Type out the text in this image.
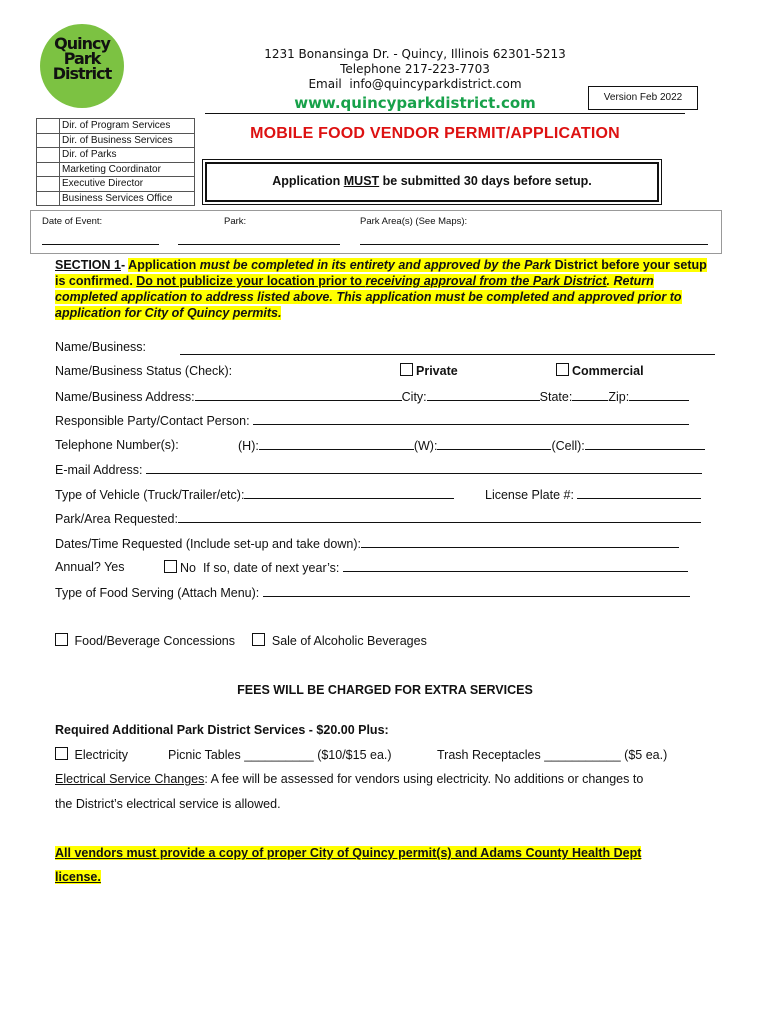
Quincy
Park
District
1231 Bonansinga Dr. - Quincy, Illinois 62301-5213
Telephone 217-223-7703
Email info@quincyparkdistrict.com
www.quincyparkdistrict.com	Version Feb 2022
	Dir. of Program Services
	Dir. of Business Services
	Dir. of Parks
	Marketing Coordinator
	Executive Director
	Business Services Office
MOBILE FOOD VENDOR PERMIT/APPLICATION
Application MUST be submitted 30 days before setup.
Date of Event:	Park:	Park Area(s) (See Maps):
SECTION 1- Application must be completed in its entirety and approved by the Park District before your setup is confirmed. Do not publicize your location prior to receiving approval from the Park District. Return completed application to address listed above. This application must be completed and approved prior to application for City of Quincy permits.
Name/Business:
Name/Business Status (Check):	Private	Commercial
Name/Business Address:	City:	State:	Zip:
Responsible Party/Contact Person:
Telephone Number(s):	(H):	(W):	(Cell):
E-mail Address:
Type of Vehicle (Truck/Trailer/etc):	License Plate #:
Park/Area Requested:
Dates/Time Requested (Include set-up and take down):
Annual? Yes	No If so, date of next year’s:
Type of Food Serving (Attach Menu):
Food/Beverage Concessions	Sale of Alcoholic Beverages
FEES WILL BE CHARGED FOR EXTRA SERVICES
Required Additional Park District Services - $20.00 Plus:
Electricity	Picnic Tables __________ ($10/$15 ea.)	Trash Receptacles ___________ ($5 ea.)
Electrical Service Changes: A fee will be assessed for vendors using electricity. No additions or changes to
the District’s electrical service is allowed.
All vendors must provide a copy of proper City of Quincy permit(s) and Adams County Health Dept
license.
